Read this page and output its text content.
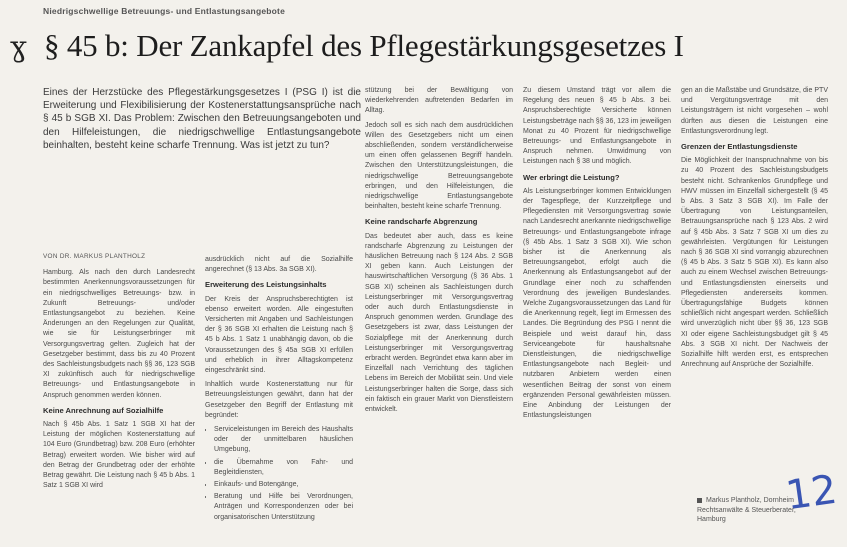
Niedrigschwellige Betreuungs- und Entlastungsangebote
ɣ § 45 b: Der Zankapfel des Pflegestärkungsgesetzes I
Eines der Herzstücke des Pflegestärkungsgesetzes I (PSG I) ist die Erweiterung und Flexibilisierung der Kostenerstattungsansprüche nach § 45 b SGB XI. Das Problem: Zwischen den Betreuungsangeboten und den Hilfeleistungen, die niedrigschwellige Entlastungsangebote beinhalten, besteht keine scharfe Trennung. Was ist jetzt zu tun?
VON DR. MARKUS PLANTHOLZ

Hamburg. Als nach den durch Landesrecht bestimmten Anerkennungsvoraussetzungen für ein niedrigschwelliges Betreuungs- bzw. in Zukunft Betreuungs- und/oder Entlastungsangebot zu beziehen. Keine Änderungen an den Regelungen zur Qualität, wie sie für Leistungserbringer mit Versorgungsvertrag gelten. Zugleich hat der Gesetzgeber bestimmt, dass bis zu 40 Prozent des Sachleistungsbudgets nach §§ 36, 123 SGB XI zukünftisch auch für niedrigschwellige Betreuungs- und Entlastungsangebote in Anspruch genommen werden können.

Keine Anrechnung auf Sozialhilfe

Nach § 45b Abs. 1 Satz 1 SGB XI hat der Leistung der möglichen Kostenerstattung auf 104 Euro (Grundbetrag) bzw. 208 Euro (erhöhter Betrag) erweitert worden. Wie bisher wird auf den Betrag der Grundbetrag oder der erhöhte Betrag gewährt. Die Leistung nach § 45 b Abs. 1 Satz 1 SGB XI wird

ausdrücklich nicht auf die Sozialhilfe angerechnet (§ 13 Abs. 3a SGB XI).

Erweiterung des Leistungsinhalts

Der Kreis der Anspruchsberechtigten ist ebenso erweitert worden. Alle eingestuften Versicherten mit Angaben und Sachleistungen der § 36 SGB XI erhalten die Leistung nach § 45 b Abs. 1 Satz 1 unabhängig davon, ob die Voraussetzungen des § 45a SGB XI erfüllen und erheblich in ihrer Alltagskompetenz eingeschränkt sind.

Inhaltlich wurde Kostenerstattung nur für Betreuungsleistungen gewährt, dann hat der Gesetzgeber den Begriff der Entlastung mit begründet:

• Serviceleistungen im Bereich des Haushalts oder der unmittelbaren häuslichen Umgebung,
• die Übernahme von Fahr- und Begleitdiensten,
• Einkaufs- und Botengänge,
• Beratung und Hilfe bei Verordnungen, Anträgen und Korrespondenzen oder bei organisatorischen Unterstützung

stützung bei der Bewältigung von wiederkehrenden auftretenden Bedarfen im Alltag.

Jedoch soll es sich nach dem ausdrücklichen Willen des Gesetzgebers nicht um einen abschließenden, sondern verständlicherweise um einen offen gelassenen Begriff handeln. Zwischen den Unterstützungsleistungen, die niedrigschwellige Betreuungsangebote erbringen, und den Hilfeleistungen, die niedrigschwellige Entlastungsangebote beinhalten, besteht keine scharfe Trennung.

Keine randscharfe Abgrenzung

Das bedeutet aber auch, dass es keine randscharfe Abgrenzung zu Leistungen der häuslichen Betreuung nach § 124 Abs. 2 SGB XI geben kann. Auch Leistungen der hauswirtschaftlichen Versorgung (§ 36 Abs. 1 SGB XI) scheinen als Sachleistungen durch Leistungserbringer mit Versorgungsvertrag oder auch durch Entlastungsdienste in Anspruch genommen werden. Grundlage des Gesetzgebers ist zwar, dass Leistungen der Sozialpflege mit der Anerkennung durch Leistungserbringer mit Versorgungsvertrag erbracht werden. Begründet etwa kann aber im Einzelfall nach Verrichtung des täglichen Lebens im Bereich der Mobilität sein. Und viele Leistungserbringer halten die Sorge, dass sich ein faktisch ein grauer Markt von Dienstleistern entwickelt.

Zu diesem Umstand trägt vor allem die Regelung des neuen § 45 b Abs. 3 bei. Anspruchsberechtigte Versicherte können Leistungsbeträge nach §§ 36, 123 im jeweiligen Monat zu 40 Prozent für niedrigschwellige Betreuungs- und Entlastungsangebote in Anspruch nehmen. Umwidmung von Leistungen nach § 38 und möglich.

Wer erbringt die Leistung?

Als Leistungserbringer kommen Entwicklungen der Tagespflege, der Kurzzeitpflege und Pflegediensten mit Versorgungsvertrag sowie nach Landesrecht anerkannte niedrigschwellige Betreuungs- und Entlastungsangebote infrage (§ 45b Abs. 1 Satz 3 SGB XI). Wie schon bisher ist die Anerkennung als Betreuungsangebot, erfolgt auch die Anerkennung als Entlastungsangebot auf der Grundlage einer noch zu schaffenden Verordnung des jeweiligen Bundeslandes. Welche Zugangsvoraussetzungen das Land für die Anerkennung regelt, liegt im Ermessen des Landes. Die Begründung des PSG I nennt die Beispiele und weist darauf hin, dass Serviceangebote für haushaltsnahe Dienstleistungen, die niedrigschwellige Entlastungsangebote nach Begleit- und nutzbaren Anbietern werden einen wesentlichen Beitrag der sonst von einem ergänzenden Personal gewährleisten müssen. Eine Anbindung der Leistungen der Entlastungsleistungen

gen an die Maßstäbe und Grundsätze, die PTV und Vergütungsverträge mit den Leistungsträgern ist nicht vorgesehen – wohl dürften aus diesen die Leistungen eine Entlastungsverordnung legt.

Grenzen der Entlastungsdienste

Die Möglichkeit der Inanspruchnahme von bis zu 40 Prozent des Sachleistungsbudgets besteht nicht. Schrankenlos Grundpflege und HWV müssen im Einzelfall sichergestellt (§ 45 b Abs. 3 Satz 3 SGB XI). Im Falle der Übertragung von Leistungsanteilen, Betrauungsansprüche nach § 123 Abs. 2 wird auf § 45b Abs. 3 Satz 7 SGB XI um dies zu gewährleisten. Vergütungen für Leistungen nach § 36 SGB XI sind vorrangig abzurechnen (§ 45 b Abs. 3 Satz 5 SGB XI). Es kann also auch zu einem Wechsel zwischen Betreuungs- und Entlastungsdiensten einerseits und Pflegediensten andererseits kommen. Übertragungsfähige Budgets können schließlich nicht angespart werden. Schließlich wird unverzüglich nicht über §§ 36, 123 SGB XI oder eigene Sachleistungsbudget gilt § 45 Abs. 3 SGB XI nicht. Der Nachweis der Sozialhilfe hilft werden erst, es entsprechen Anrechnung auf Ansprüche der Sozialhilfe.

12
Markus Plantholz, Dornheim
Rechtsanwälte & Steuerberater,
Hamburg
